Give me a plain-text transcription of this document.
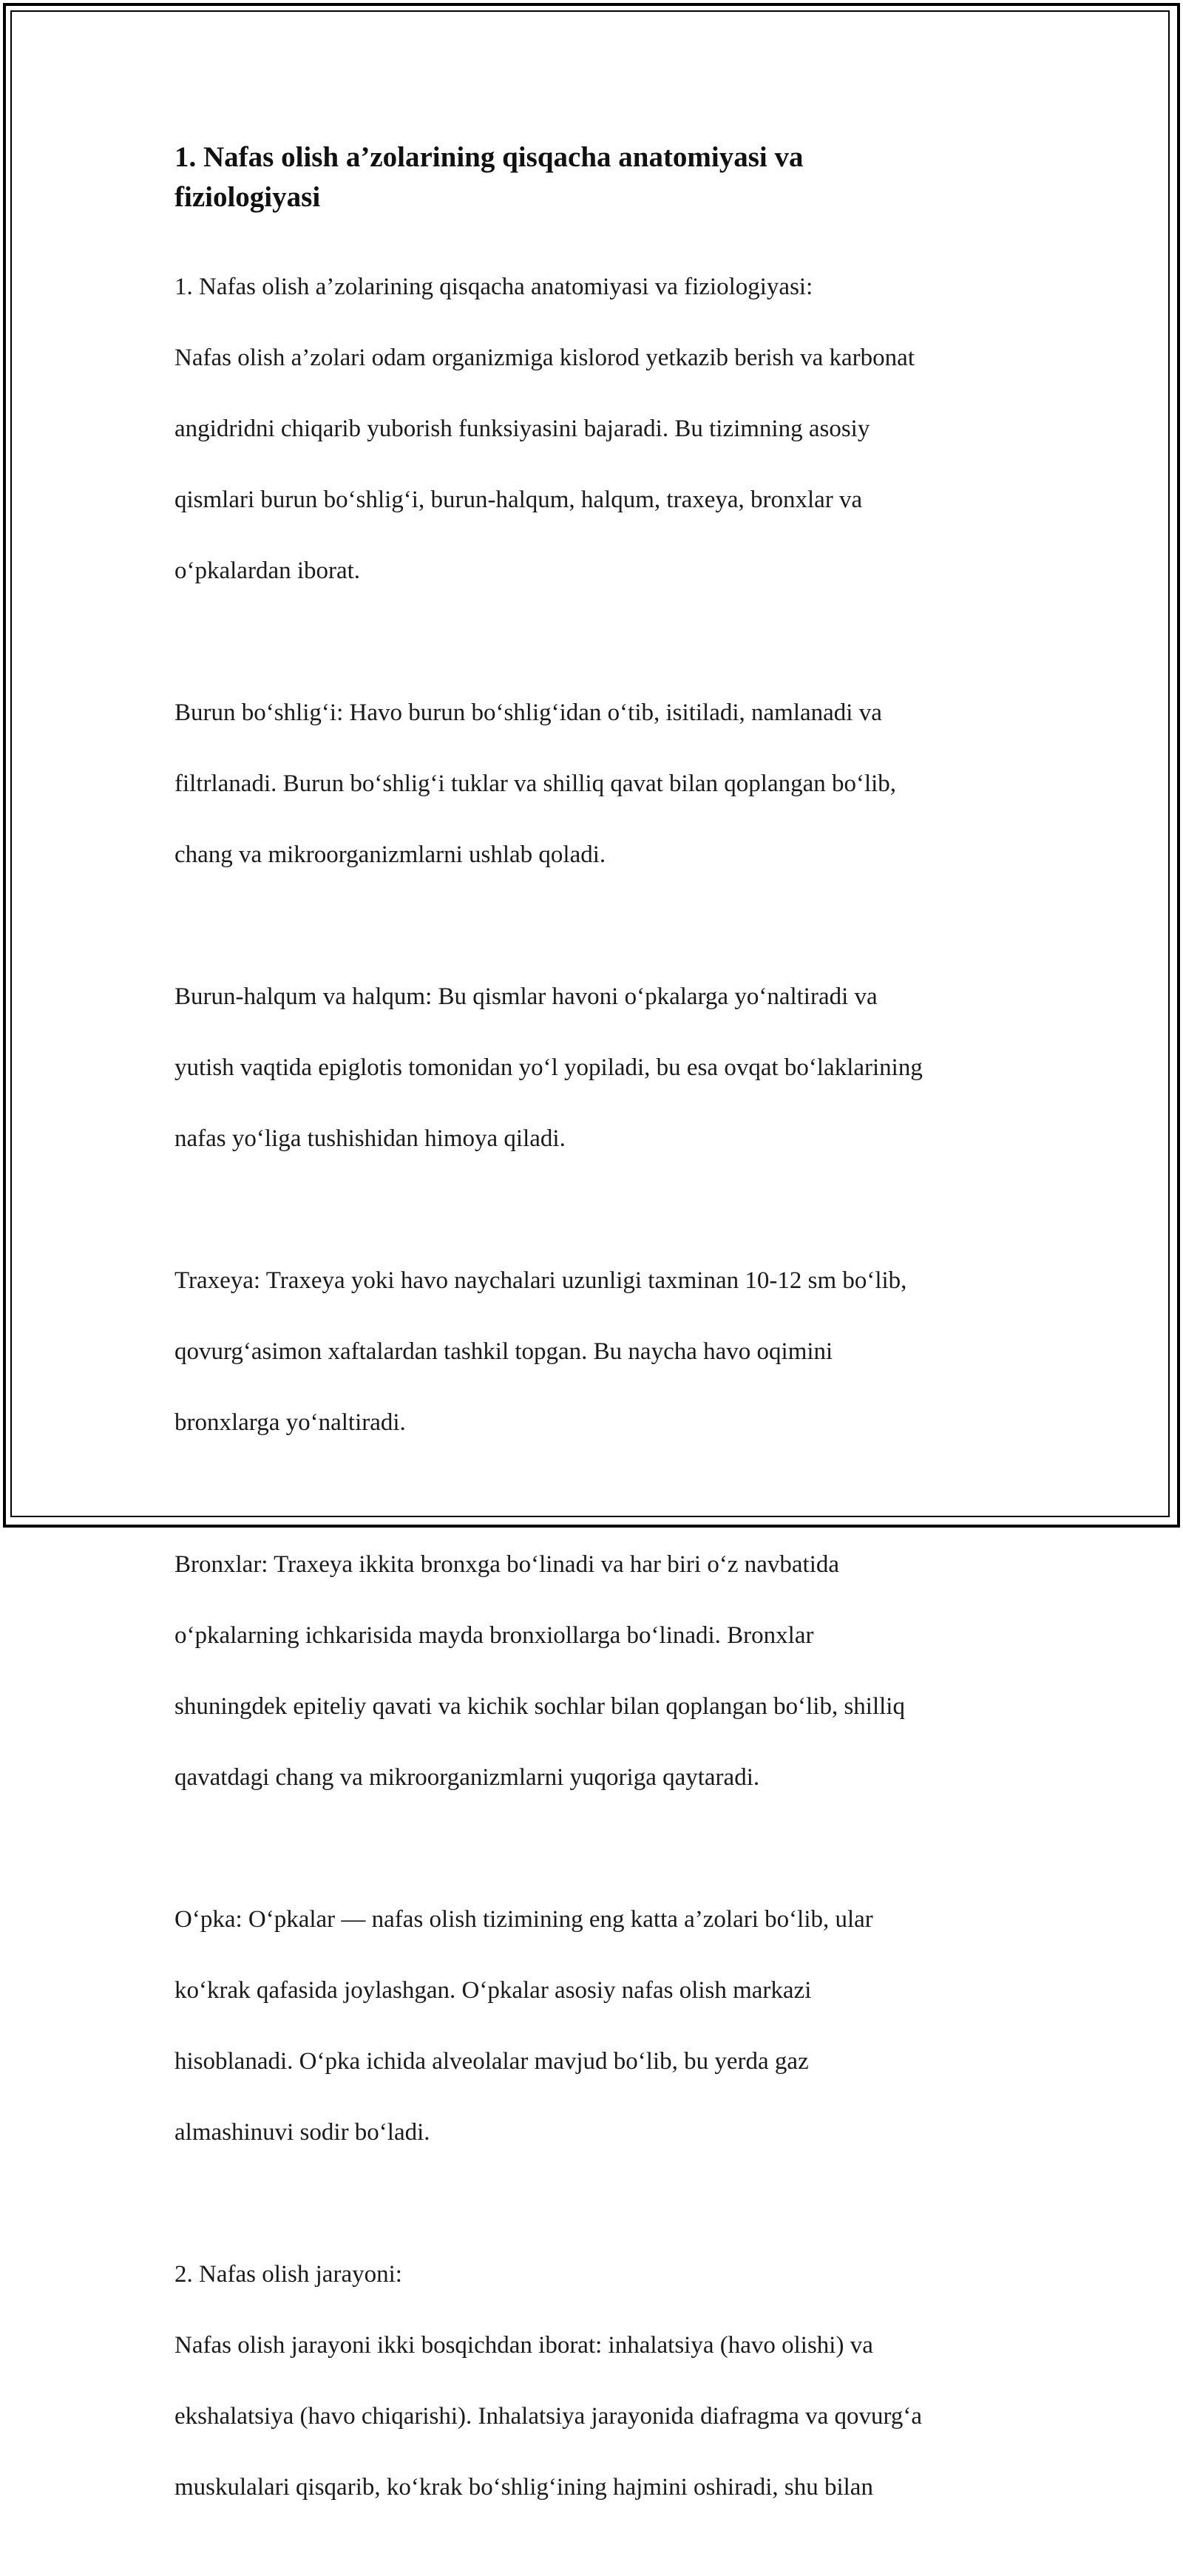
1. Nafas olish a’zolarining qisqacha anatomiyasi va
fiziologiyasi

1. Nafas olish a’zolarining qisqacha anatomiyasi va fiziologiyasi:

Nafas olish a’zolari odam organizmiga kislorod yetkazib berish va karbonat

angidridni chiqarib yuborish funksiyasini bajaradi. Bu tizimning asosiy

qismlari burun bo‘shlig‘i, burun-halqum, halqum, traxeya, bronxlar va

o‘pkalardan iborat.

Burun bo‘shlig‘i: Havo burun bo‘shlig‘idan o‘tib, isitiladi, namlanadi va

filtrlanadi. Burun bo‘shlig‘i tuklar va shilliq qavat bilan qoplangan bo‘lib,

chang va mikroorganizmlarni ushlab qoladi.

Burun-halqum va halqum: Bu qismlar havoni o‘pkalarga yo‘naltiradi va

yutish vaqtida epiglotis tomonidan yo‘l yopiladi, bu esa ovqat bo‘laklarining

nafas yo‘liga tushishidan himoya qiladi.

Traxeya: Traxeya yoki havo naychalari uzunligi taxminan 10-12 sm bo‘lib,

qovurg‘asimon xaftalardan tashkil topgan. Bu naycha havo oqimini

bronxlarga yo‘naltiradi.

Bronxlar: Traxeya ikkita bronxga bo‘linadi va har biri o‘z navbatida

o‘pkalarning ichkarisida mayda bronxiollarga bo‘linadi. Bronxlar

shuningdek epiteliy qavati va kichik sochlar bilan qoplangan bo‘lib, shilliq

qavatdagi chang va mikroorganizmlarni yuqoriga qaytaradi.

O‘pka: O‘pkalar — nafas olish tizimining eng katta a’zolari bo‘lib, ular

ko‘krak qafasida joylashgan. O‘pkalar asosiy nafas olish markazi

hisoblanadi. O‘pka ichida alveolalar mavjud bo‘lib, bu yerda gaz

almashinuvi sodir bo‘ladi.

2. Nafas olish jarayoni:

Nafas olish jarayoni ikki bosqichdan iborat: inhalatsiya (havo olishi) va

ekshalatsiya (havo chiqarishi). Inhalatsiya jarayonida diafragma va qovurg‘a

muskulalari qisqarib, ko‘krak bo‘shlig‘ining hajmini oshiradi, shu bilan
